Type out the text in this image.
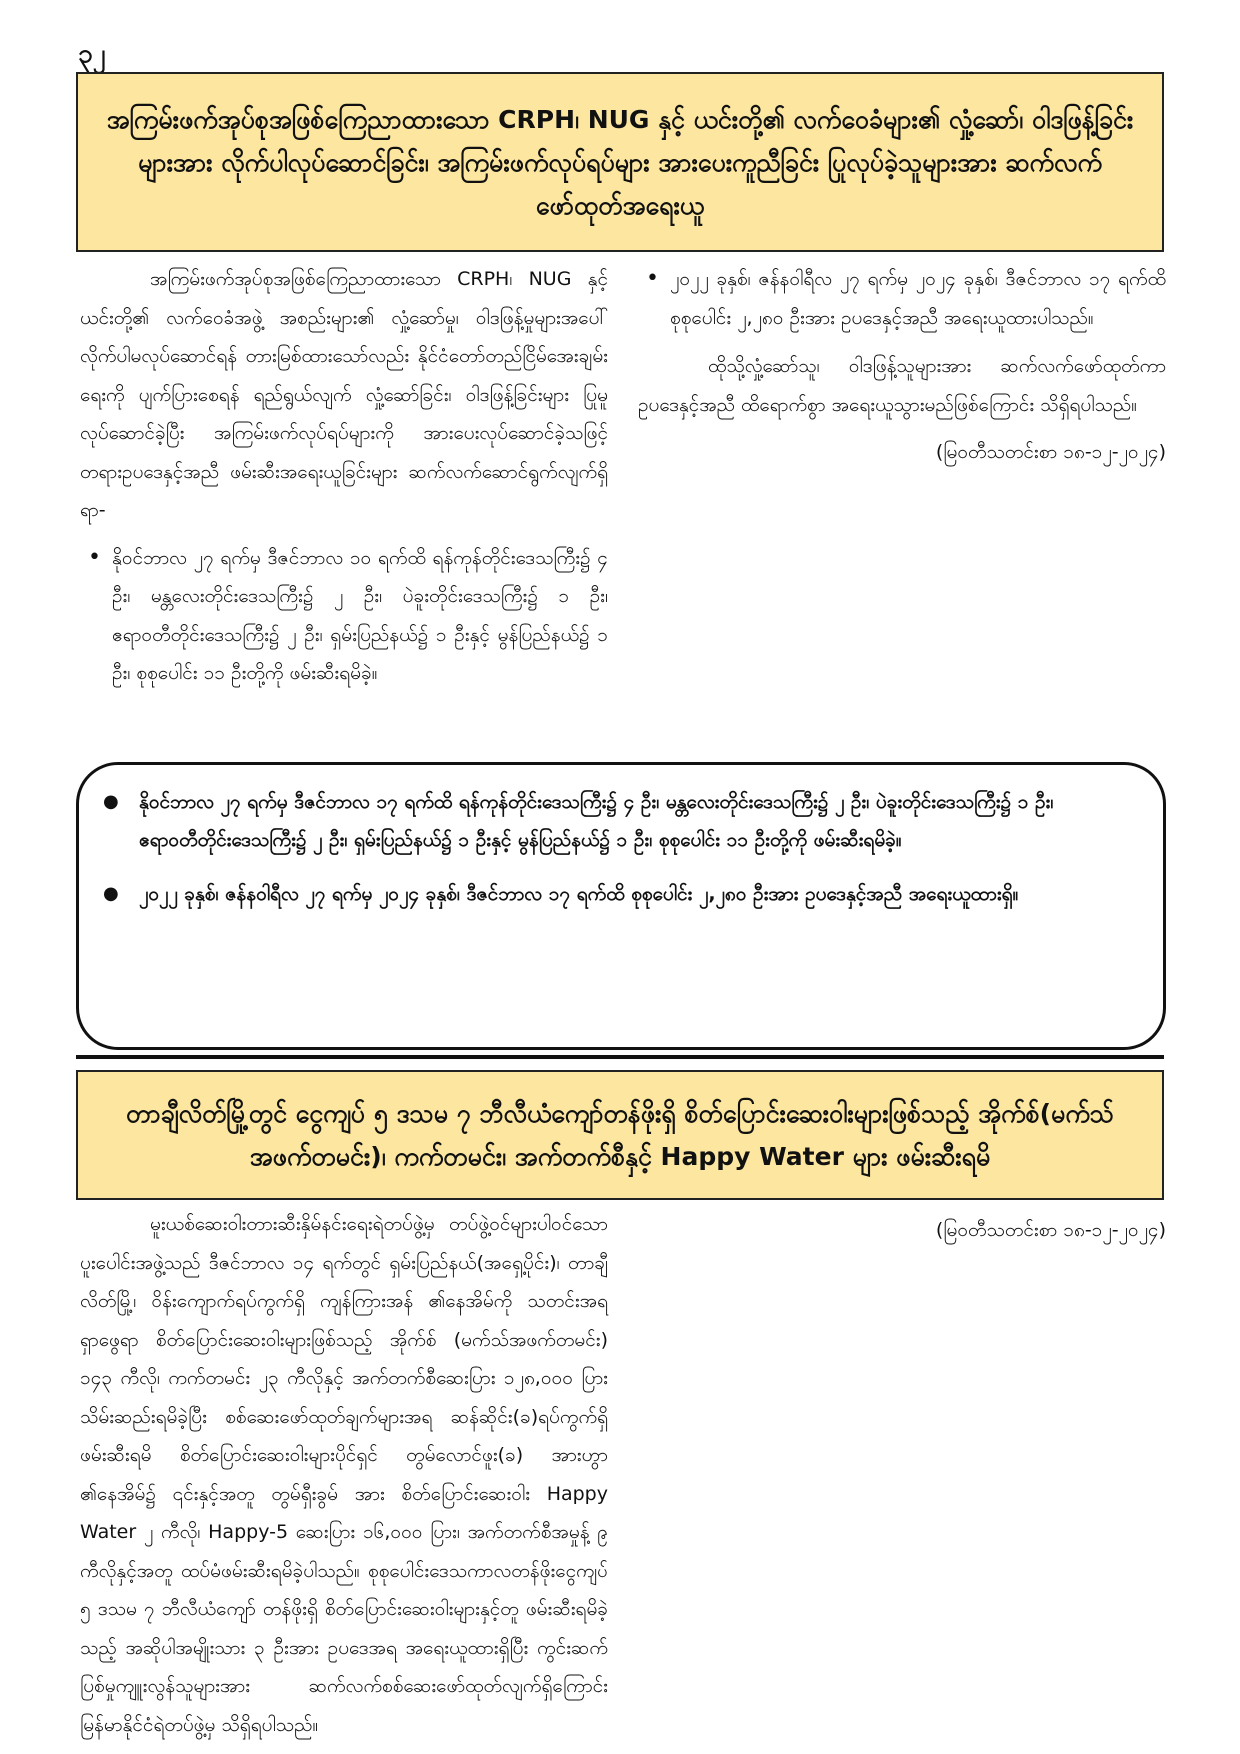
၃၂
အကြမ်းဖက်အုပ်စုအဖြစ်ကြေညာထားသော CRPH၊ NUG နှင့် ယင်းတို့၏ လက်ဝေခံများ၏ လှုံ့ဆော်၊ ဝါဒဖြန့်ခြင်းများအား လိုက်ပါလုပ်ဆောင်ခြင်း၊ အကြမ်းဖက်လုပ်ရပ်များ အားပေးကူညီခြင်း ပြုလုပ်ခဲ့သူများအား ဆက်လက်ဖော်ထုတ်အရေးယူ

အကြမ်းဖက်အုပ်စုအဖြစ်ကြေညာထားသော CRPH၊ NUG နှင့် ယင်းတို့၏ လက်ဝေခံအဖွဲ့ အစည်းများ၏ လှုံ့ဆော်မှု၊ ဝါဒဖြန့်မှုများအပေါ် လိုက်ပါမလုပ်ဆောင်ရန် တားမြစ်ထားသော်လည်း နိုင်ငံတော်တည်ငြိမ်အေးချမ်းရေးကို ပျက်ပြားစေရန် ရည်ရွယ်လျက် လှုံ့ဆော်ခြင်း၊ ဝါဒဖြန့်ခြင်းများ ပြုမူလုပ်ဆောင်ခဲ့ပြီး အကြမ်းဖက်လုပ်ရပ်များကို အားပေးလုပ်ဆောင်ခဲ့သဖြင့် တရားဥပဒေနှင့်အညီ ဖမ်းဆီးအရေးယူခြင်းများ ဆက်လက်ဆောင်ရွက်လျက်ရှိရာ-

• နိုဝင်ဘာလ ၂၇ ရက်မှ ဒီဇင်ဘာလ ၁၀ ရက်ထိ ရန်ကုန်တိုင်းဒေသကြီး၌ ၄ ဦး၊ မန္တလေးတိုင်းဒေသကြီး၌ ၂ ဦး၊ ပဲခူးတိုင်းဒေသကြီး၌ ၁ ဦး၊ ဧရာဝတီတိုင်းဒေသကြီး၌ ၂ ဦး၊ ရှမ်းပြည်နယ်၌ ၁ ဦးနှင့် မွန်ပြည်နယ်၌ ၁ ဦး၊ စုစုပေါင်း ၁၁ ဦးတို့ကို ဖမ်းဆီးရမိခဲ့။
• ၂၀၂၂ ခုနှစ်၊ ဇန်နဝါရီလ ၂၇ ရက်မှ ၂၀၂၄ ခုနှစ်၊ ဒီဇင်ဘာလ ၁၇ ရက်ထိ စုစုပေါင်း ၂,၂၈၀ ဦးအား ဥပဒေနှင့်အညီ အရေးယူထားပါသည်။

ထိုသို့လှုံ့ဆော်သူ၊ ဝါဒဖြန့်သူများအား ဆက်လက်ဖော်ထုတ်ကာ ဥပဒေနှင့်အညီ ထိရောက်စွာ အရေးယူသွားမည်ဖြစ်ကြောင်း သိရှိရပါသည်။

(မြဝတီသတင်းစာ ၁၈-၁၂-၂၀၂၄)

● နိုဝင်ဘာလ ၂၇ ရက်မှ ဒီဇင်ဘာလ ၁၇ ရက်ထိ ရန်ကုန်တိုင်းဒေသကြီး၌ ၄ ဦး၊ မန္တလေးတိုင်းဒေသကြီး၌ ၂ ဦး၊ ပဲခူးတိုင်းဒေသကြီး၌ ၁ ဦး၊ ဧရာဝတီတိုင်းဒေသကြီး၌ ၂ ဦး၊ ရှမ်းပြည်နယ်၌ ၁ ဦးနှင့် မွန်ပြည်နယ်၌ ၁ ဦး၊ စုစုပေါင်း ၁၁ ဦးတို့ကို ဖမ်းဆီးရမိခဲ့။
● ၂၀၂၂ ခုနှစ်၊ ဇန်နဝါရီလ ၂၇ ရက်မှ ၂၀၂၄ ခုနှစ်၊ ဒီဇင်ဘာလ ၁၇ ရက်ထိ စုစုပေါင်း ၂,၂၈၀ ဦးအား ဥပဒေနှင့်အညီ အရေးယူထားရှိ။
တာချီလိတ်မြို့တွင် ငွေကျပ် ၅ ဒသမ ၇ ဘီလီယံကျော်တန်ဖိုးရှိ စိတ်ပြောင်းဆေးဝါးများဖြစ်သည့် အိုက်စ်(မက်သ်အဖက်တမင်း)၊ ကက်တမင်း၊ အက်တက်စီနှင့် Happy Water များ ဖမ်းဆီးရမိ

မူးယစ်ဆေးဝါးတားဆီးနှိမ်နင်းရေးရဲတပ်ဖွဲ့မှ တပ်ဖွဲ့ဝင်များပါဝင်သော ပူးပေါင်းအဖွဲ့သည် ဒီဇင်ဘာလ ၁၄ ရက်တွင် ရှမ်းပြည်နယ်(အရှေ့ပိုင်း)၊ တာချီလိတ်မြို့၊ ဝိန်းကျောက်ရပ်ကွက်ရှိ ကျန်ကြားအန် ၏နေအိမ်ကို သတင်းအရရှာဖွေရာ စိတ်ပြောင်းဆေးဝါးများဖြစ်သည့် အိုက်စ် (မက်သ်အဖက်တမင်း) ၁၄၃ ကီလို၊ ကက်တမင်း ၂၃ ကီလိုနှင့် အက်တက်စီဆေးပြား ၁၂၈,၀၀၀ ပြား သိမ်းဆည်းရမိခဲ့ပြီး စစ်ဆေးဖော်ထုတ်ချက်များအရ ဆန်ဆိုင်း(ခ)ရပ်ကွက်ရှိ ဖမ်းဆီးရမိ စိတ်ပြောင်းဆေးဝါးများပိုင်ရှင် တွမ်လောင်ဖူး(ခ) အားဟွာ ၏နေအိမ်၌ ၎င်းနှင့်အတူ တွမ်ရှီးခွမ် အား စိတ်ပြောင်းဆေးဝါး Happy Water ၂ ကီလို၊ Happy-5 ဆေးပြား ၁၆,၀၀၀ ပြား၊ အက်တက်စီအမှုန့် ၉ ကီလိုနှင့်အတူ ထပ်မံဖမ်းဆီးရမိခဲ့ပါသည်။ စုစုပေါင်းဒေသကာလတန်ဖိုးငွေကျပ် ၅ ဒသမ ၇ ဘီလီယံကျော် တန်ဖိုးရှိ စိတ်ပြောင်းဆေးဝါးများနှင့်တူ ဖမ်းဆီးရမိခဲ့သည့် အဆိုပါအမျိုးသား ၃ ဦးအား ဥပဒေအရ အရေးယူထားရှိပြီး ကွင်းဆက်ပြစ်မှုကျူးလွန်သူများအား ဆက်လက်စစ်ဆေးဖော်ထုတ်လျက်ရှိကြောင်း မြန်မာနိုင်ငံရဲတပ်ဖွဲ့မှ သိရှိရပါသည်။

(မြဝတီသတင်းစာ ၁၈-၁၂-၂၀၂၄)
